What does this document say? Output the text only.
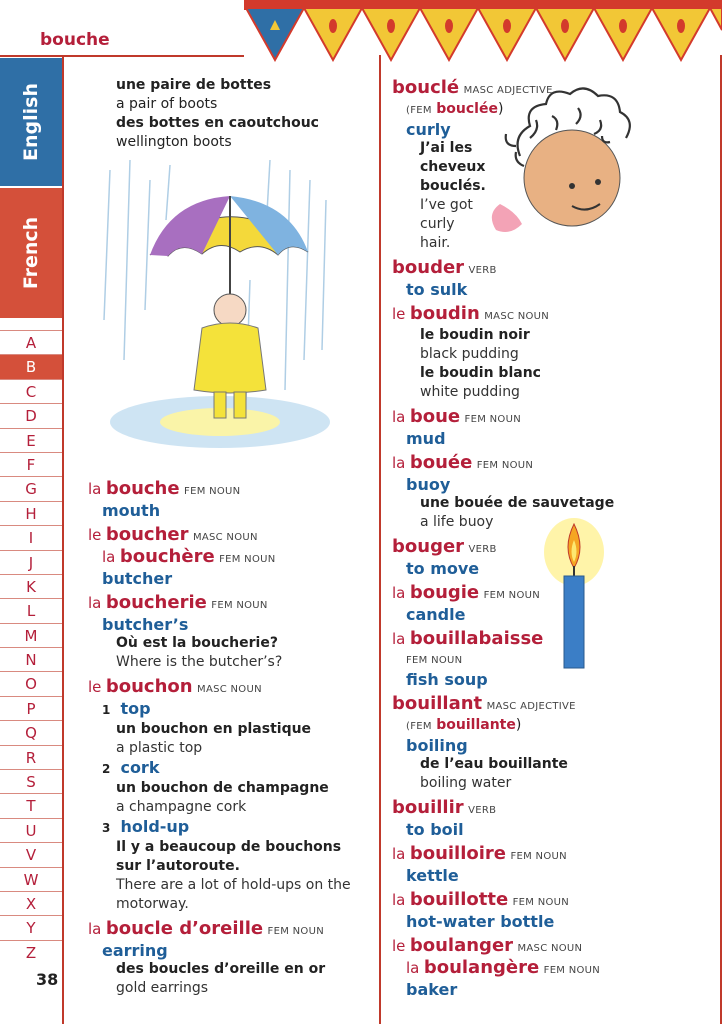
bouche
English
French
A
B
C
D
E
F
G
H
I
J
K
L
M
N
O
P
Q
R
S
T
U
V
W
X
Y
Z
38
une paire de bottes
a pair of boots
des bottes en caoutchouc
wellington boots
la bouche FEM NOUN
mouth
le boucher MASC NOUN
la bouchère FEM NOUN
butcher
la boucherie FEM NOUN
butcher’s
Où est la boucherie?
Where is the butcher’s?
le bouchon MASC NOUN
1 top
un bouchon en plastique
a plastic top
2 cork
un bouchon de champagne
a champagne cork
3 hold-up
Il y a beaucoup de bouchons sur l’autoroute.
There are a lot of hold-ups on the motorway.
la boucle d’oreille FEM NOUN
earring
des boucles d’oreille en or
gold earrings
bouclé MASC ADJECTIVE
(FEM bouclée)
curly
J’ai les
cheveux
bouclés.
I’ve got
curly
hair.
bouder VERB
to sulk
le boudin MASC NOUN
le boudin noir
black pudding
le boudin blanc
white pudding
la boue FEM NOUN
mud
la bouée FEM NOUN
buoy
une bouée de sauvetage
a life buoy
bouger VERB
to move
la bougie FEM NOUN
candle
la bouillabaisse
FEM NOUN
fish soup
bouillant MASC ADJECTIVE
(FEM bouillante)
boiling
de l’eau bouillante
boiling water
bouillir VERB
to boil
la bouilloire FEM NOUN
kettle
la bouillotte FEM NOUN
hot-water bottle
le boulanger MASC NOUN
la boulangère FEM NOUN
baker
